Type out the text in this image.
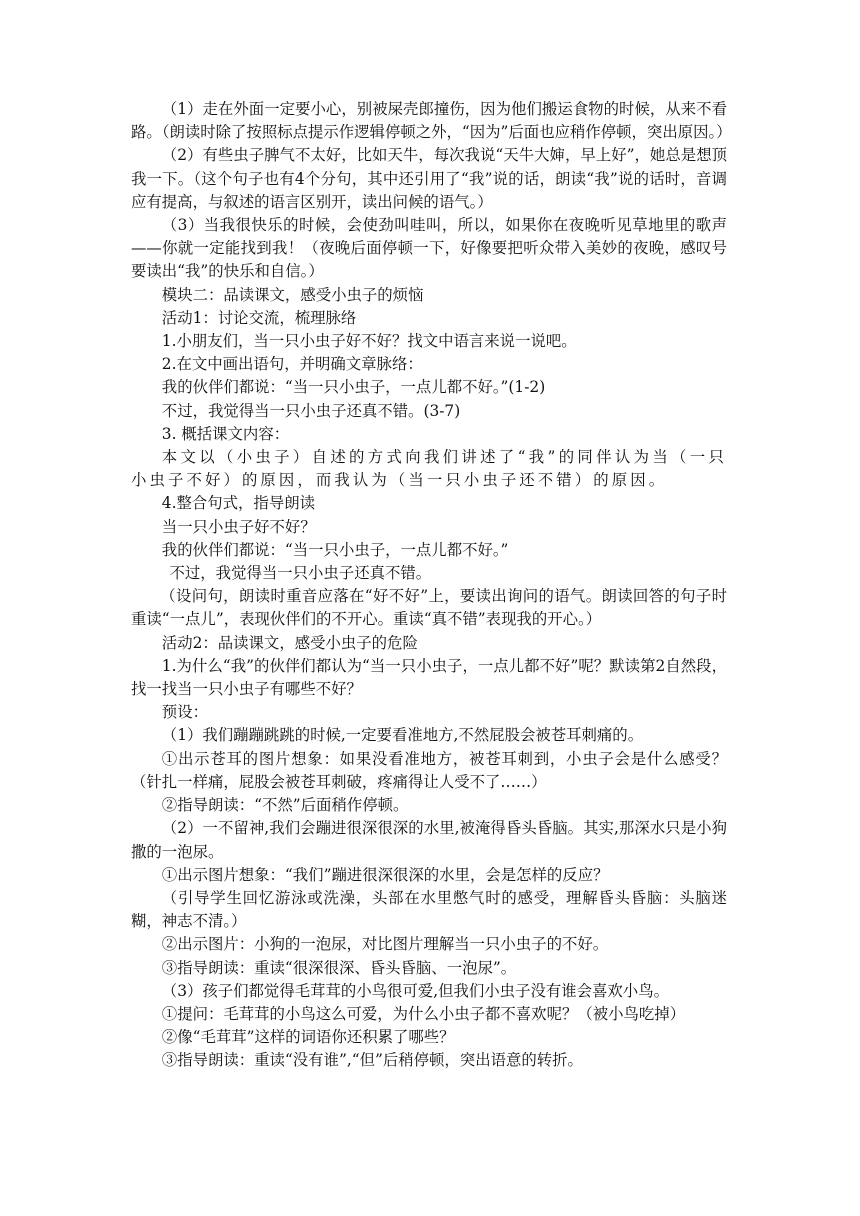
（1）走在外面一定要小心，别被屎壳郎撞伤，因为他们搬运食物的时候，从来不看路。（朗读时除了按照标点提示作逻辑停顿之外，“因为”后面也应稍作停顿，突出原因。）

（2）有些虫子脾气不太好，比如天牛，每次我说“天牛大婶，早上好”，她总是想顶我一下。（这个句子也有4个分句，其中还引用了“我”说的话，朗读“我”说的话时，音调应有提高，与叙述的语言区别开，读出问候的语气。）

（3）当我很快乐的时候，会使劲叫哇叫，所以，如果你在夜晚听见草地里的歌声——你就一定能找到我！（夜晚后面停顿一下，好像要把听众带入美妙的夜晚，感叹号要读出“我”的快乐和自信。）

模块二：品读课文，感受小虫子的烦恼

活动1：讨论交流，梳理脉络

1.小朋友们，当一只小虫子好不好？找文中语言来说一说吧。

2.在文中画出语句，并明确文章脉络：

我的伙伴们都说：“当一只小虫子，一点儿都不好。”(1-2)

不过，我觉得当一只小虫子还真不错。(3-7)

3. 概括课文内容：

本文以（小虫子）自述的方式向我们讲述了“我”的同伴认为当（一只小虫子不好）的原因，而我认为（当一只小虫子还不错）的原因。

4.整合句式，指导朗读

当一只小虫子好不好？

我的伙伴们都说：“当一只小虫子，一点儿都不好。”

不过，我觉得当一只小虫子还真不错。

（设问句，朗读时重音应落在“好不好”上，要读出询问的语气。朗读回答的句子时重读“一点儿”，表现伙伴们的不开心。重读“真不错”表现我的开心。）

活动2：品读课文，感受小虫子的危险

1.为什么“我”的伙伴们都认为“当一只小虫子，一点儿都不好”呢？默读第2自然段，找一找当一只小虫子有哪些不好？

预设：

（1）我们蹦蹦跳跳的时候,一定要看准地方,不然屁股会被苍耳刺痛的。

①出示苍耳的图片想象：如果没看准地方，被苍耳刺到，小虫子会是什么感受？（针扎一样痛，屁股会被苍耳刺破，疼痛得让人受不了……）

②指导朗读：“不然”后面稍作停顿。

（2）一不留神,我们会蹦进很深很深的水里,被淹得昏头昏脑。其实,那深水只是小狗撒的一泡尿。

①出示图片想象：“我们”蹦进很深很深的水里，会是怎样的反应？

（引导学生回忆游泳或洗澡，头部在水里憋气时的感受，理解昏头昏脑：头脑迷糊，神志不清。）

②出示图片：小狗的一泡尿，对比图片理解当一只小虫子的不好。

③指导朗读：重读“很深很深、昏头昏脑、一泡尿”。

（3）孩子们都觉得毛茸茸的小鸟很可爱,但我们小虫子没有谁会喜欢小鸟。

①提问：毛茸茸的小鸟这么可爱，为什么小虫子都不喜欢呢？（被小鸟吃掉）

②像“毛茸茸”这样的词语你还积累了哪些？

③指导朗读：重读“没有谁”,“但”后稍停顿，突出语意的转折。
